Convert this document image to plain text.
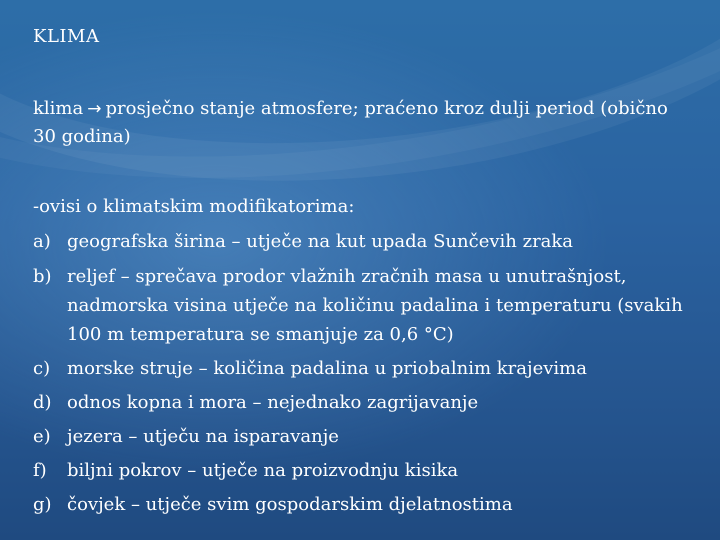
KLIMA
klima → prosječno stanje atmosfere; praćeno kroz dulji period (obično 30 godina)
-ovisi o klimatskim modifikatorima:
a) geografska širina – utječe na kut upada Sunčevih zraka
b) reljef – sprečava prodor vlažnih zračnih masa u unutrašnjost, nadmorska visina utječe na količinu padalina i temperaturu (svakih 100 m temperatura se smanjuje za 0,6 °C)
c) morske struje – količina padalina u priobalnim krajevima
d) odnos kopna i mora – nejednako zagrijavanje
e) jezera – utječu na isparavanje
f) biljni pokrov – utječe na proizvodnju kisika
g) čovjek – utječe svim gospodarskim djelatnostima
